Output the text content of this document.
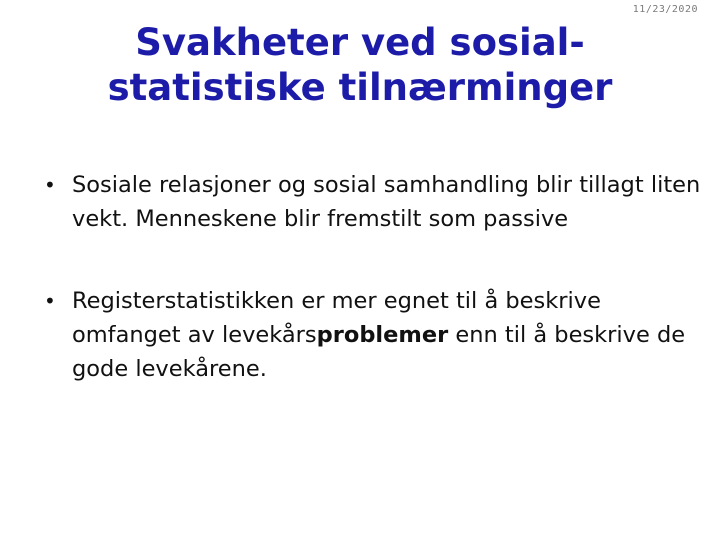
11/23/2020
Svakheter ved sosial-
statistiske tilnærminger
• Sosiale relasjoner og sosial samhandling blir tillagt liten vekt. Menneskene blir fremstilt som passive
• Registerstatistikken er mer egnet til å beskrive omfanget av levekårsproblemer enn til å beskrive de gode levekårene.
